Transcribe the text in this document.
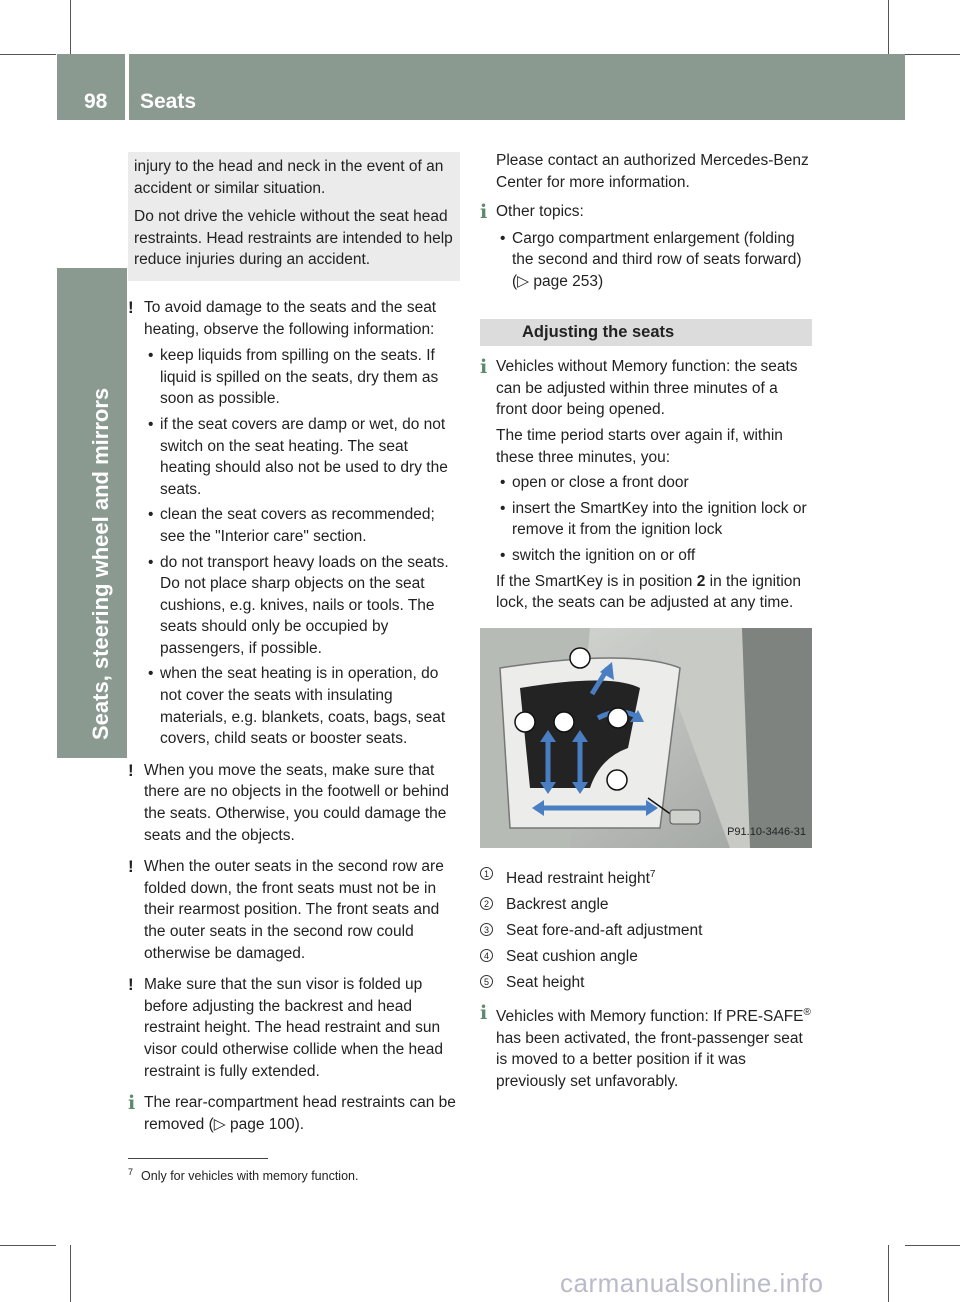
98 Seats
Seats, steering wheel and mirrors

injury to the head and neck in the event of an accident or similar situation.

Do not drive the vehicle without the seat head restraints. Head restraints are intended to help reduce injuries during an accident.

! To avoid damage to the seats and the seat heating, observe the following information:
• keep liquids from spilling on the seats. If liquid is spilled on the seats, dry them as soon as possible.
• if the seat covers are damp or wet, do not switch on the seat heating. The seat heating should also not be used to dry the seats.
• clean the seat covers as recommended; see the "Interior care" section.
• do not transport heavy loads on the seats. Do not place sharp objects on the seat cushions, e.g. knives, nails or tools. The seats should only be occupied by passengers, if possible.
• when the seat heating is in operation, do not cover the seats with insulating materials, e.g. blankets, coats, bags, seat covers, child seats or booster seats.
! When you move the seats, make sure that there are no objects in the footwell or behind the seats. Otherwise, you could damage the seats and the objects.
! When the outer seats in the second row are folded down, the front seats must not be in their rearmost position. The front seats and the outer seats in the second row could otherwise be damaged.
! Make sure that the sun visor is folded up before adjusting the backrest and head restraint height. The head restraint and sun visor could otherwise collide when the head restraint is fully extended.
i The rear-compartment head restraints can be removed (▷ page 100).

Please contact an authorized Mercedes-Benz Center for more information.

i Other topics:
• Cargo compartment enlargement (folding the second and third row of seats forward) (▷ page 253)
Adjusting the seats
i Vehicles without Memory function: the seats can be adjusted within three minutes of a front door being opened.

The time period starts over again if, within these three minutes, you:

• open or close a front door
• insert the SmartKey into the ignition lock or remove it from the ignition lock
• switch the ignition on or off

If the SmartKey is in position 2 in the ignition lock, the seats can be adjusted at any time.

P91.10-3446-31
1 Head restraint height$^7$
2 Backrest angle
3 Seat fore-and-aft adjustment
4 Seat cushion angle
5 Seat height
i Vehicles with Memory function: If PRE-SAFE® has been activated, the front-passenger seat is moved to a better position if it was previously set unfavorably.
$^7$ Only for vehicles with memory function.
carmanualsonline.info
